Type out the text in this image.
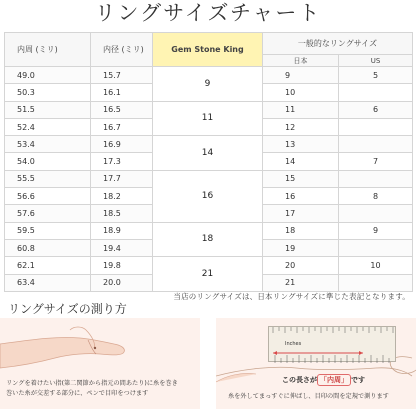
リングサイズチャート
内周 (ミリ)	内径 (ミリ)	Gem Stone King	一般的なリングサイズ	
			日本	US
49.0	15.7	9	9	5
50.3	16.1		10	
51.5	16.5	11	11	6
52.4	16.7		12	
53.4	16.9	14	13	
54.0	17.3		14	7
55.5	17.7	16	15	
56.6	18.2		16	8
57.6	18.5		17	
59.5	18.9	18	18	9
60.8	19.4		19	
62.1	19.8	21	20	10
63.4	20.0		21	
当店のリングサイズは、日本リングサイズに準じた表記となります。
リングサイズの測り方
リングを着けたい指(第二関節から指元の間あたり)に糸を巻き
巻いた糸が交差する部分に、ペンで目印をつけます
Inches
この長さが 「内周」 です
糸を外してまっすぐに伸ばし、目印の間を定規で測ります
